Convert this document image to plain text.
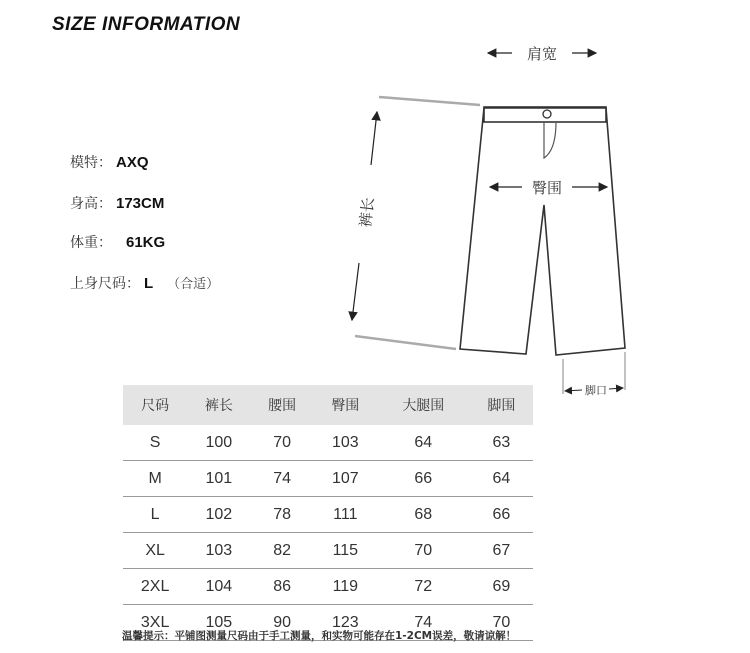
SIZE INFORMATION
模特： AXQ
身高： 173CM
体重： 61KG
上身尺码： L （合适）
肩宽
臀围
裤长
脚口
尺码	裤长	腰围	臀围	大腿围	脚围
S	100	70	103	64	63
M	101	74	107	66	64
L	102	78	111	68	66
XL	103	82	115	70	67
2XL	104	86	119	72	69
3XL	105	90	123	74	70
温馨提示：平铺图测量尺码由于手工测量，和实物可能存在1-2CM误差，敬请谅解！
